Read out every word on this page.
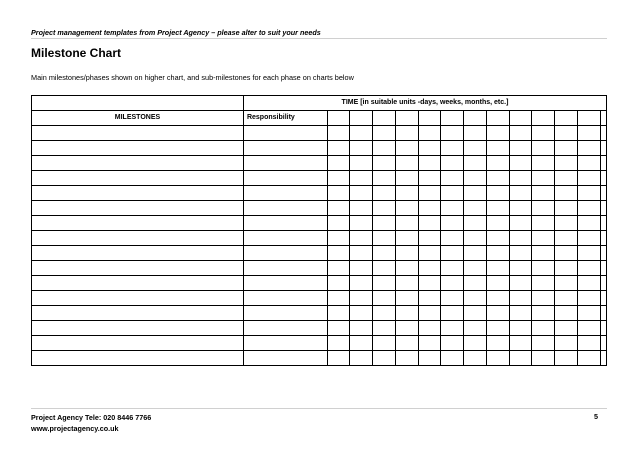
Project management templates from Project Agency – please alter to suit your needs
Milestone Chart
Main milestones/phases shown on higher chart, and sub-milestones for each phase on charts below
	TIME [in suitable units -days, weeks, months, etc.]													
MILESTONES	Responsibility													

Project Agency Tele: 020 8446 7766
www.projectagency.co.uk
5
